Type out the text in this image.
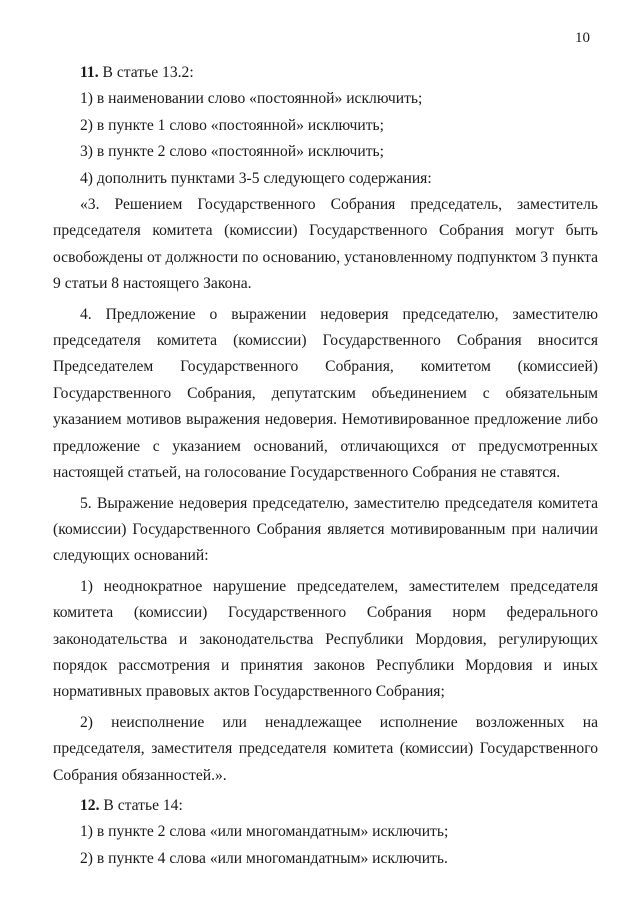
10

11. В статье 13.2:

1) в наименовании слово «постоянной» исключить;

2) в пункте 1 слово «постоянной» исключить;

3) в пункте 2 слово «постоянной» исключить;

4) дополнить пунктами 3-5 следующего содержания:

«3. Решением Государственного Собрания председатель, заместитель председателя комитета (комиссии) Государственного Собрания могут быть освобождены от должности по основанию, установленному подпунктом 3 пункта 9 статьи 8 настоящего Закона.

4. Предложение о выражении недоверия председателю, заместителю председателя комитета (комиссии) Государственного Собрания вносится Председателем Государственного Собрания, комитетом (комиссией) Государственного Собрания, депутатским объединением с обязательным указанием мотивов выражения недоверия. Немотивированное предложение либо предложение с указанием оснований, отличающихся от предусмотренных настоящей статьей, на голосование Государственного Собрания не ставятся.

5. Выражение недоверия председателю, заместителю председателя комитета (комиссии) Государственного Собрания является мотивированным при наличии следующих оснований:

1) неоднократное нарушение председателем, заместителем председателя комитета (комиссии) Государственного Собрания норм федерального законодательства и законодательства Республики Мордовия, регулирующих порядок рассмотрения и принятия законов Республики Мордовия и иных нормативных правовых актов Государственного Собрания;

2) неисполнение или ненадлежащее исполнение возложенных на председателя, заместителя председателя комитета (комиссии) Государственного Собрания обязанностей.».

12. В статье 14:

1) в пункте 2 слова «или многомандатным» исключить;

2) в пункте 4 слова «или многомандатным» исключить.
